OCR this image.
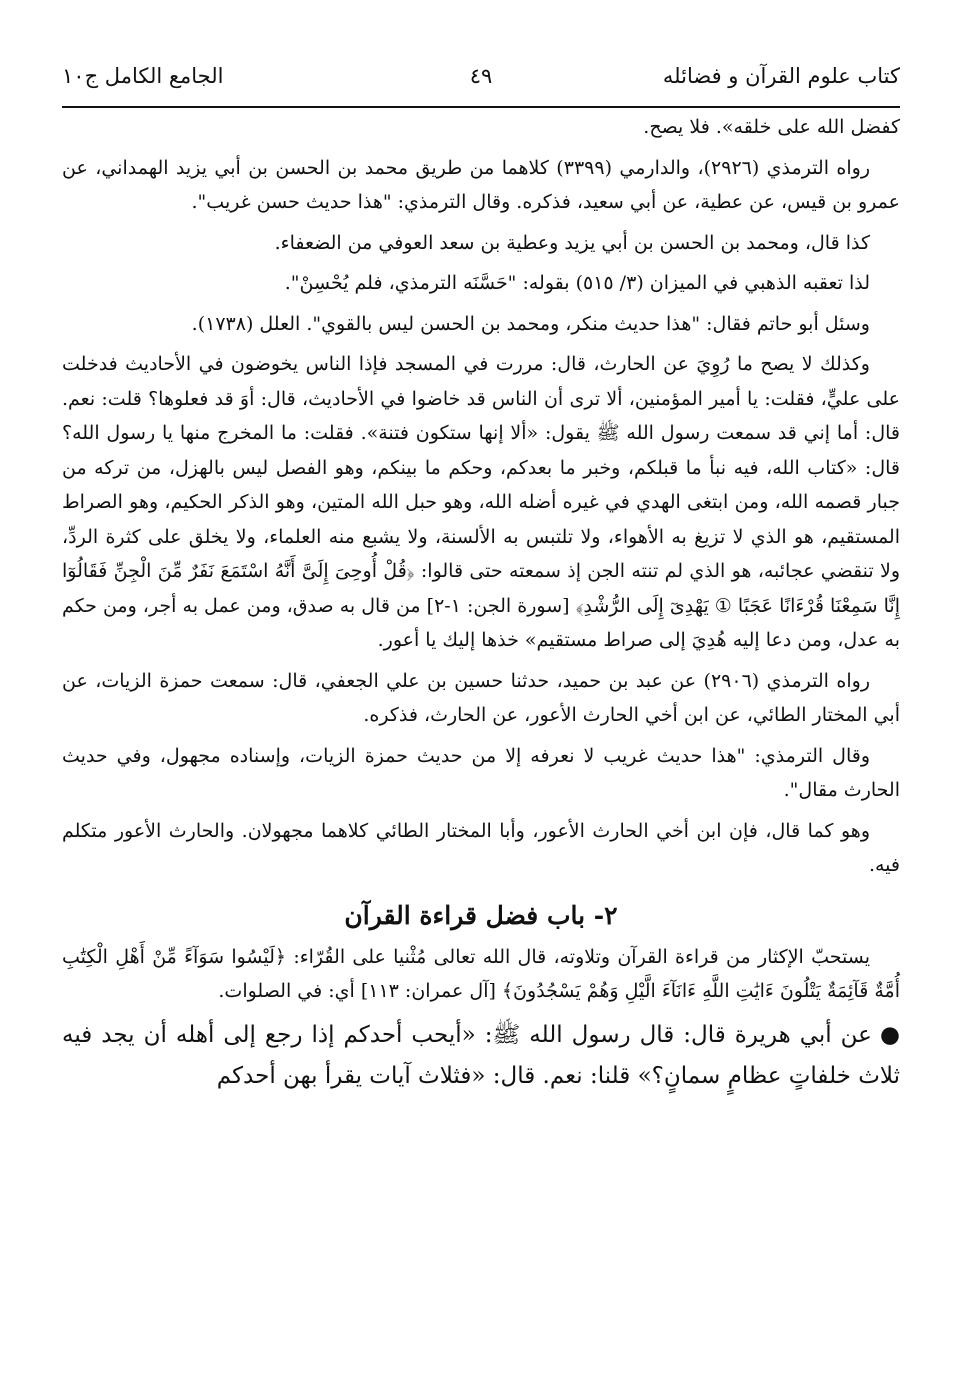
كتاب علوم القرآن و فضائله
٤٩
الجامع الكامل ج١٠

كفضل الله على خلقه». فلا يصح.

رواه الترمذي (٢٩٢٦)، والدارمي (٣٣٩٩) كلاهما من طريق محمد بن الحسن بن أبي يزيد الهمداني، عن عمرو بن قيس، عن عطية، عن أبي سعيد، فذكره. وقال الترمذي: "هذا حديث حسن غريب".

كذا قال، ومحمد بن الحسن بن أبي يزيد وعطية بن سعد العوفي من الضعفاء.

لذا تعقبه الذهبي في الميزان (٣/ ٥١٥) بقوله: "حَسَّنَه الترمذي، فلم يُحْسِنْ".

وسئل أبو حاتم فقال: "هذا حديث منكر، ومحمد بن الحسن ليس بالقوي". العلل (١٧٣٨).

وكذلك لا يصح ما رُوِيَ عن الحارث، قال: مررت في المسجد فإذا الناس يخوضون في الأحاديث فدخلت على عليٍّ، فقلت: يا أمير المؤمنين، ألا ترى أن الناس قد خاضوا في الأحاديث، قال: أوَ قد فعلوها؟ قلت: نعم. قال: أما إني قد سمعت رسول الله ﷺ يقول: «ألا إنها ستكون فتنة». فقلت: ما المخرج منها يا رسول الله؟ قال: «كتاب الله، فيه نبأ ما قبلكم، وخبر ما بعدكم، وحكم ما بينكم، وهو الفصل ليس بالهزل، من تركه من جبار قصمه الله، ومن ابتغى الهدي في غيره أضله الله، وهو حبل الله المتين، وهو الذكر الحكيم، وهو الصراط المستقيم، هو الذي لا تزيغ به الأهواء، ولا تلتبس به الألسنة، ولا يشبع منه العلماء، ولا يخلق على كثرة الردِّ، ولا تنقضي عجائبه، هو الذي لم تنته الجن إذ سمعته حتى قالوا: ﴿قُلْ أُوحِىَ إِلَىَّ أَنَّهُ اسْتَمَعَ نَفَرٌ مِّنَ الْجِنِّ فَقَالُوٓا إِنَّا سَمِعْنَا قُرْءَانًا عَجَبًا ① يَهْدِىٓ إِلَى الرُّشْدِ﴾ [سورة الجن: ١-٢] من قال به صدق، ومن عمل به أجر، ومن حكم به عدل، ومن دعا إليه هُدِيَ إلى صراط مستقيم» خذها إليك يا أعور.

رواه الترمذي (٢٩٠٦) عن عبد بن حميد، حدثنا حسين بن علي الجعفي، قال: سمعت حمزة الزيات، عن أبي المختار الطائي، عن ابن أخي الحارث الأعور، عن الحارث، فذكره.

وقال الترمذي: "هذا حديث غريب لا نعرفه إلا من حديث حمزة الزيات، وإسناده مجهول، وفي حديث الحارث مقال".

وهو كما قال، فإن ابن أخي الحارث الأعور، وأبا المختار الطائي كلاهما مجهولان. والحارث الأعور متكلم فيه.

٢- باب فضل قراءة القرآن

يستحبّ الإكثار من قراءة القرآن وتلاوته، قال الله تعالى مُثْنيا على القُرّاء: ﴿لَيْسُوا سَوَآءً مِّنْ أَهْلِ الْكِتَٰبِ أُمَّةٌ قَآئِمَةٌ يَتْلُونَ ءَايَٰتِ اللَّهِ ءَانَآءَ الَّيْلِ وَهُمْ يَسْجُدُونَ﴾ [آل عمران: ١١٣] أي: في الصلوات.

●عن أبي هريرة قال: قال رسول الله ﷺ: «أيحب أحدكم إذا رجع إلى أهله أن يجد فيه ثلاث خلفاتٍ عظامٍ سمانٍ؟» قلنا: نعم. قال: «فثلاث آيات يقرأ بهن أحدكم
